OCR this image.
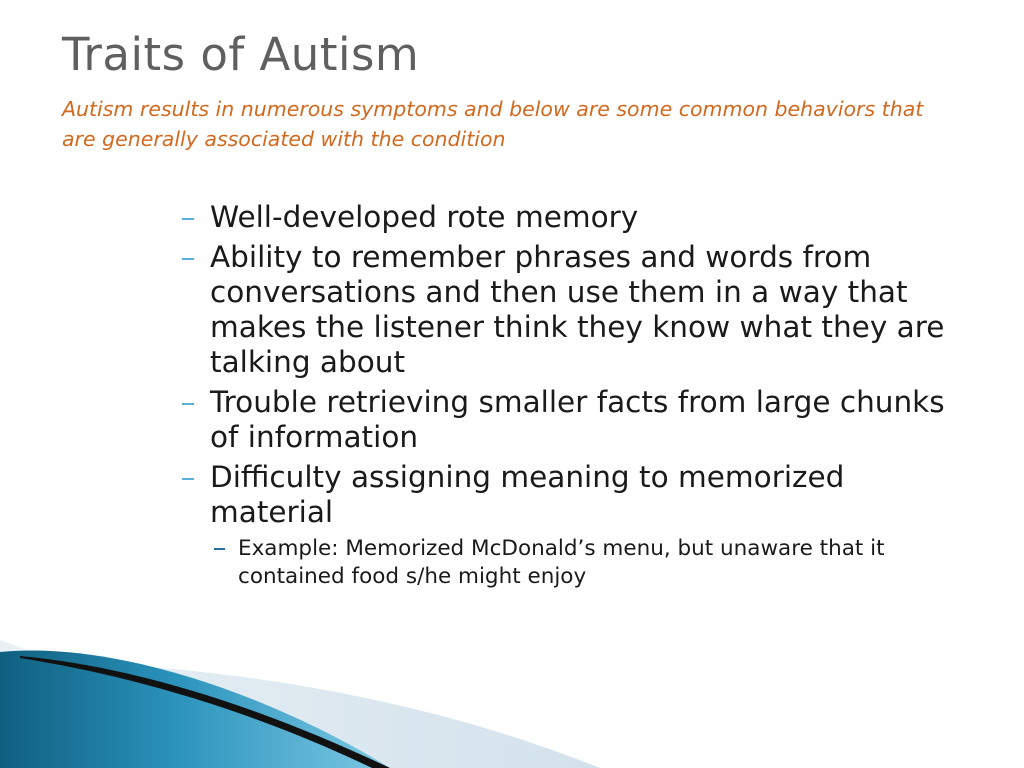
Traits of Autism

Autism results in numerous symptoms and below are some common behaviors that are generally associated with the condition

Well-developed rote memory
Ability to remember phrases and words from conversations and then use them in a way that makes the listener think they know what they are talking about
Trouble retrieving smaller facts from large chunks of information
Difficulty assigning meaning to memorized material
Example: Memorized McDonald’s menu, but unaware that it contained food s/he might enjoy
